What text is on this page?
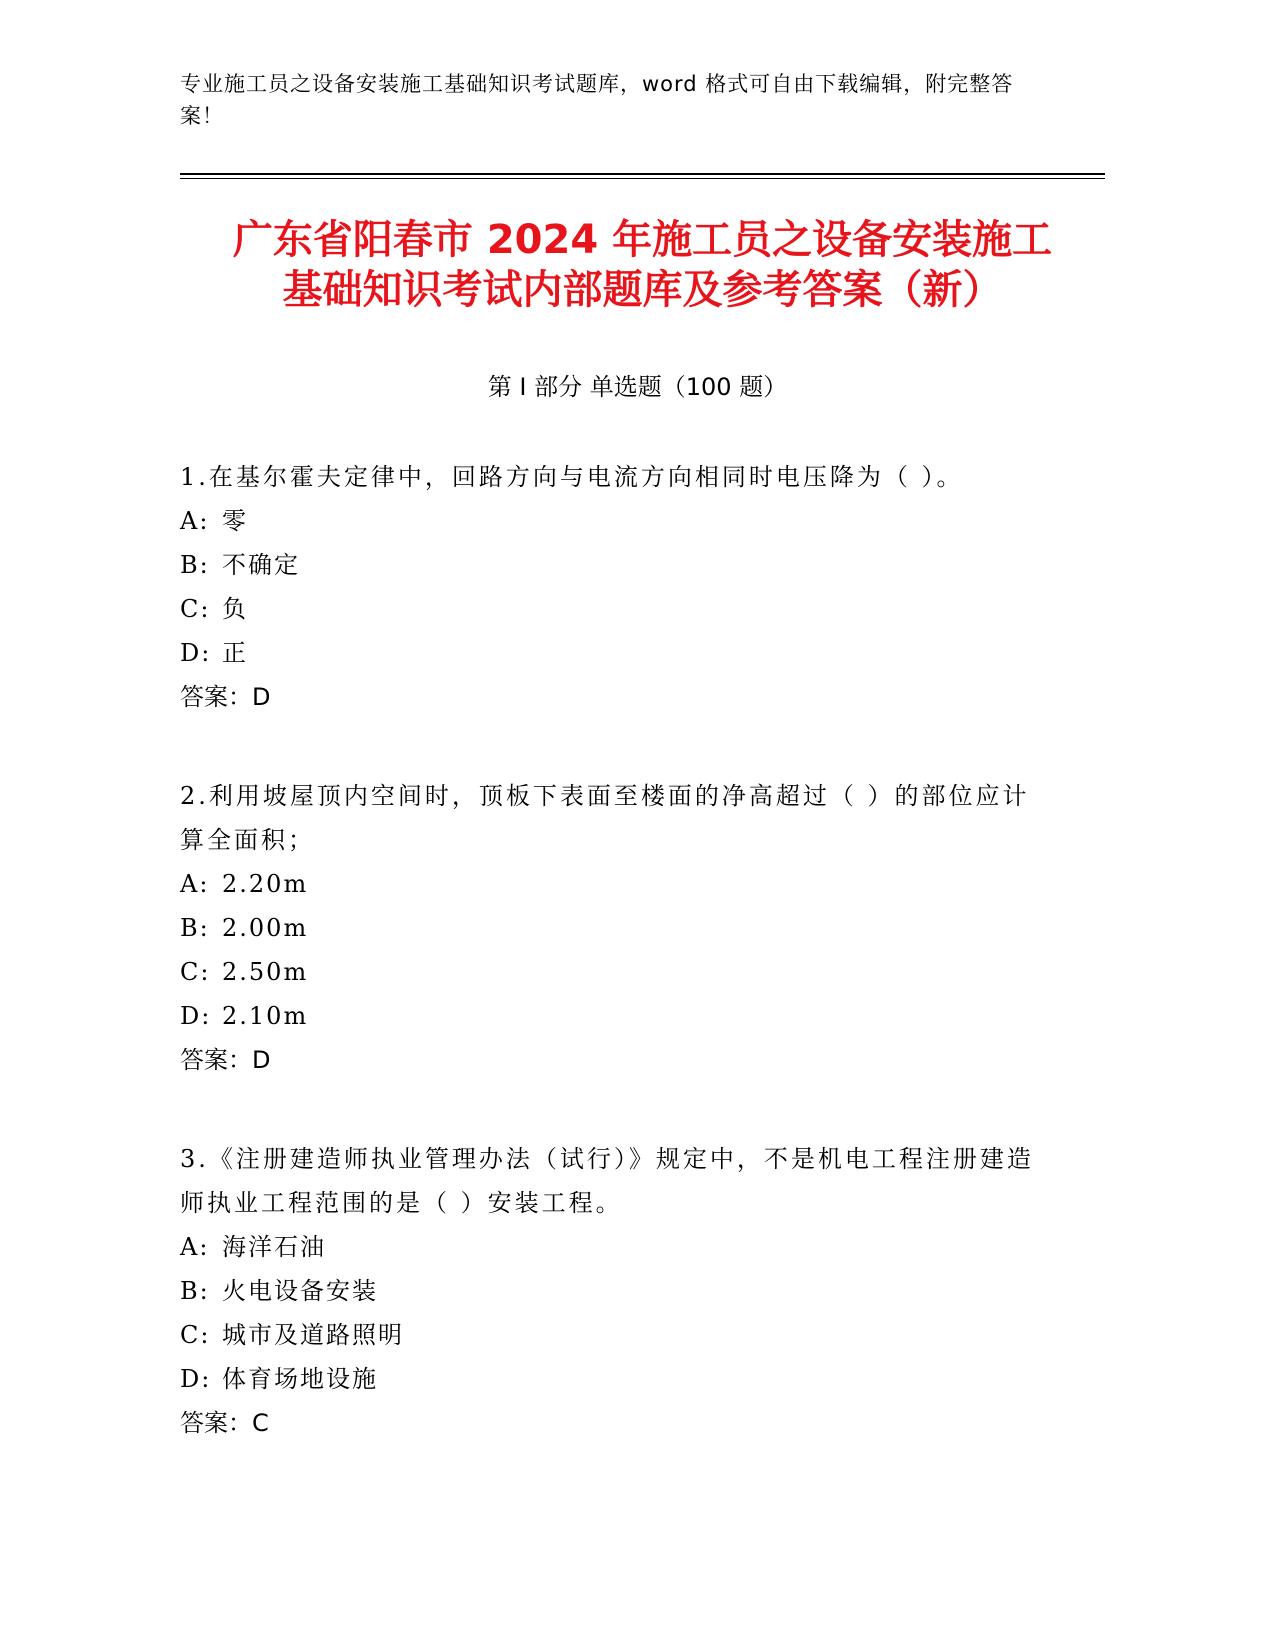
专业施工员之设备安装施工基础知识考试题库，word 格式可自由下载编辑，附完整答案！
广东省阳春市 2024 年施工员之设备安装施工
基础知识考试内部题库及参考答案（新）
第 I 部分 单选题（100 题）
1.在基尔霍夫定律中，回路方向与电流方向相同时电压降为（ ）。
A: 零
B: 不确定
C: 负
D: 正
答案：D
2.利用坡屋顶内空间时，顶板下表面至楼面的净高超过（ ）的部位应计算全面积；
A: 2.20m
B: 2.00m
C: 2.50m
D: 2.10m
答案：D
3.《注册建造师执业管理办法（试行）》规定中，不是机电工程注册建造师执业工程范围的是（ ）安装工程。
A: 海洋石油
B: 火电设备安装
C: 城市及道路照明
D: 体育场地设施
答案：C
